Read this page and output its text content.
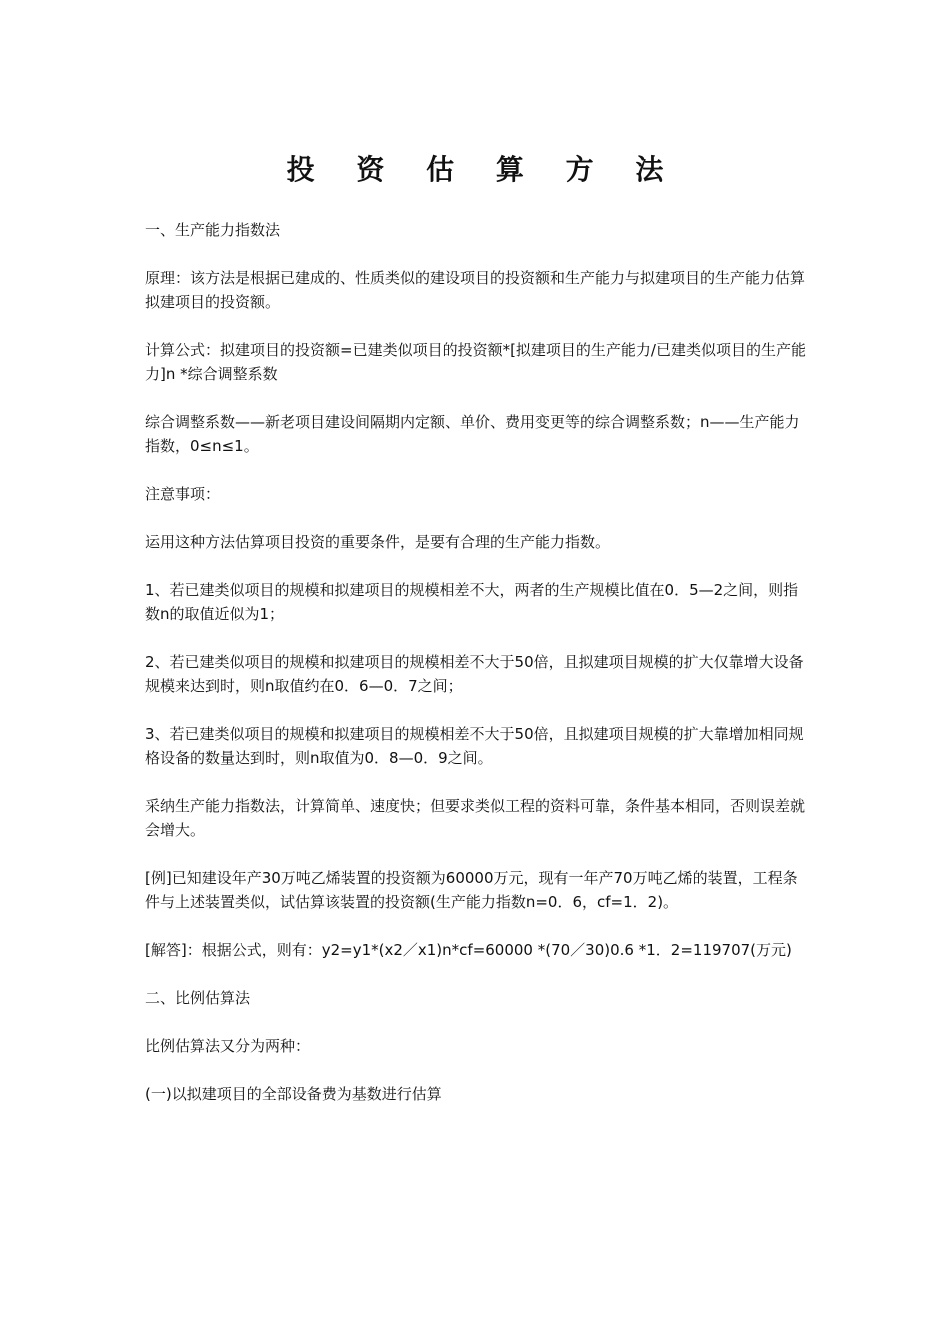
投 资 估 算 方 法

一、生产能力指数法

原理：该方法是根据已建成的、性质类似的建设项目的投资额和生产能力与拟建项目的生产能力估算拟建项目的投资额。

计算公式：拟建项目的投资额=已建类似项目的投资额*[拟建项目的生产能力/已建类似项目的生产能力]n *综合调整系数

综合调整系数——新老项目建设间隔期内定额、单价、费用变更等的综合调整系数；n——生产能力指数，0≤n≤1。

注意事项：

运用这种方法估算项目投资的重要条件，是要有合理的生产能力指数。

1、若已建类似项目的规模和拟建项目的规模相差不大，两者的生产规模比值在0．5—2之间，则指数n的取值近似为1；

2、若已建类似项目的规模和拟建项目的规模相差不大于50倍，且拟建项目规模的扩大仅靠增大设备规模来达到时，则n取值约在0．6—0．7之间；

3、若已建类似项目的规模和拟建项目的规模相差不大于50倍，且拟建项目规模的扩大靠增加相同规格设备的数量达到时，则n取值为0．8—0．9之间。

采纳生产能力指数法，计算简单、速度快；但要求类似工程的资料可靠，条件基本相同，否则误差就会增大。

[例]已知建设年产30万吨乙烯装置的投资额为60000万元，现有一年产70万吨乙烯的装置，工程条件与上述装置类似，试估算该装置的投资额(生产能力指数n=0．6，cf=1．2)。

[解答]：根据公式，则有：y2=y1*(x2／x1)n*cf=60000 *(70／30)0.6 *1．2=119707(万元)

二、比例估算法

比例估算法又分为两种：

(一)以拟建项目的全部设备费为基数进行估算
